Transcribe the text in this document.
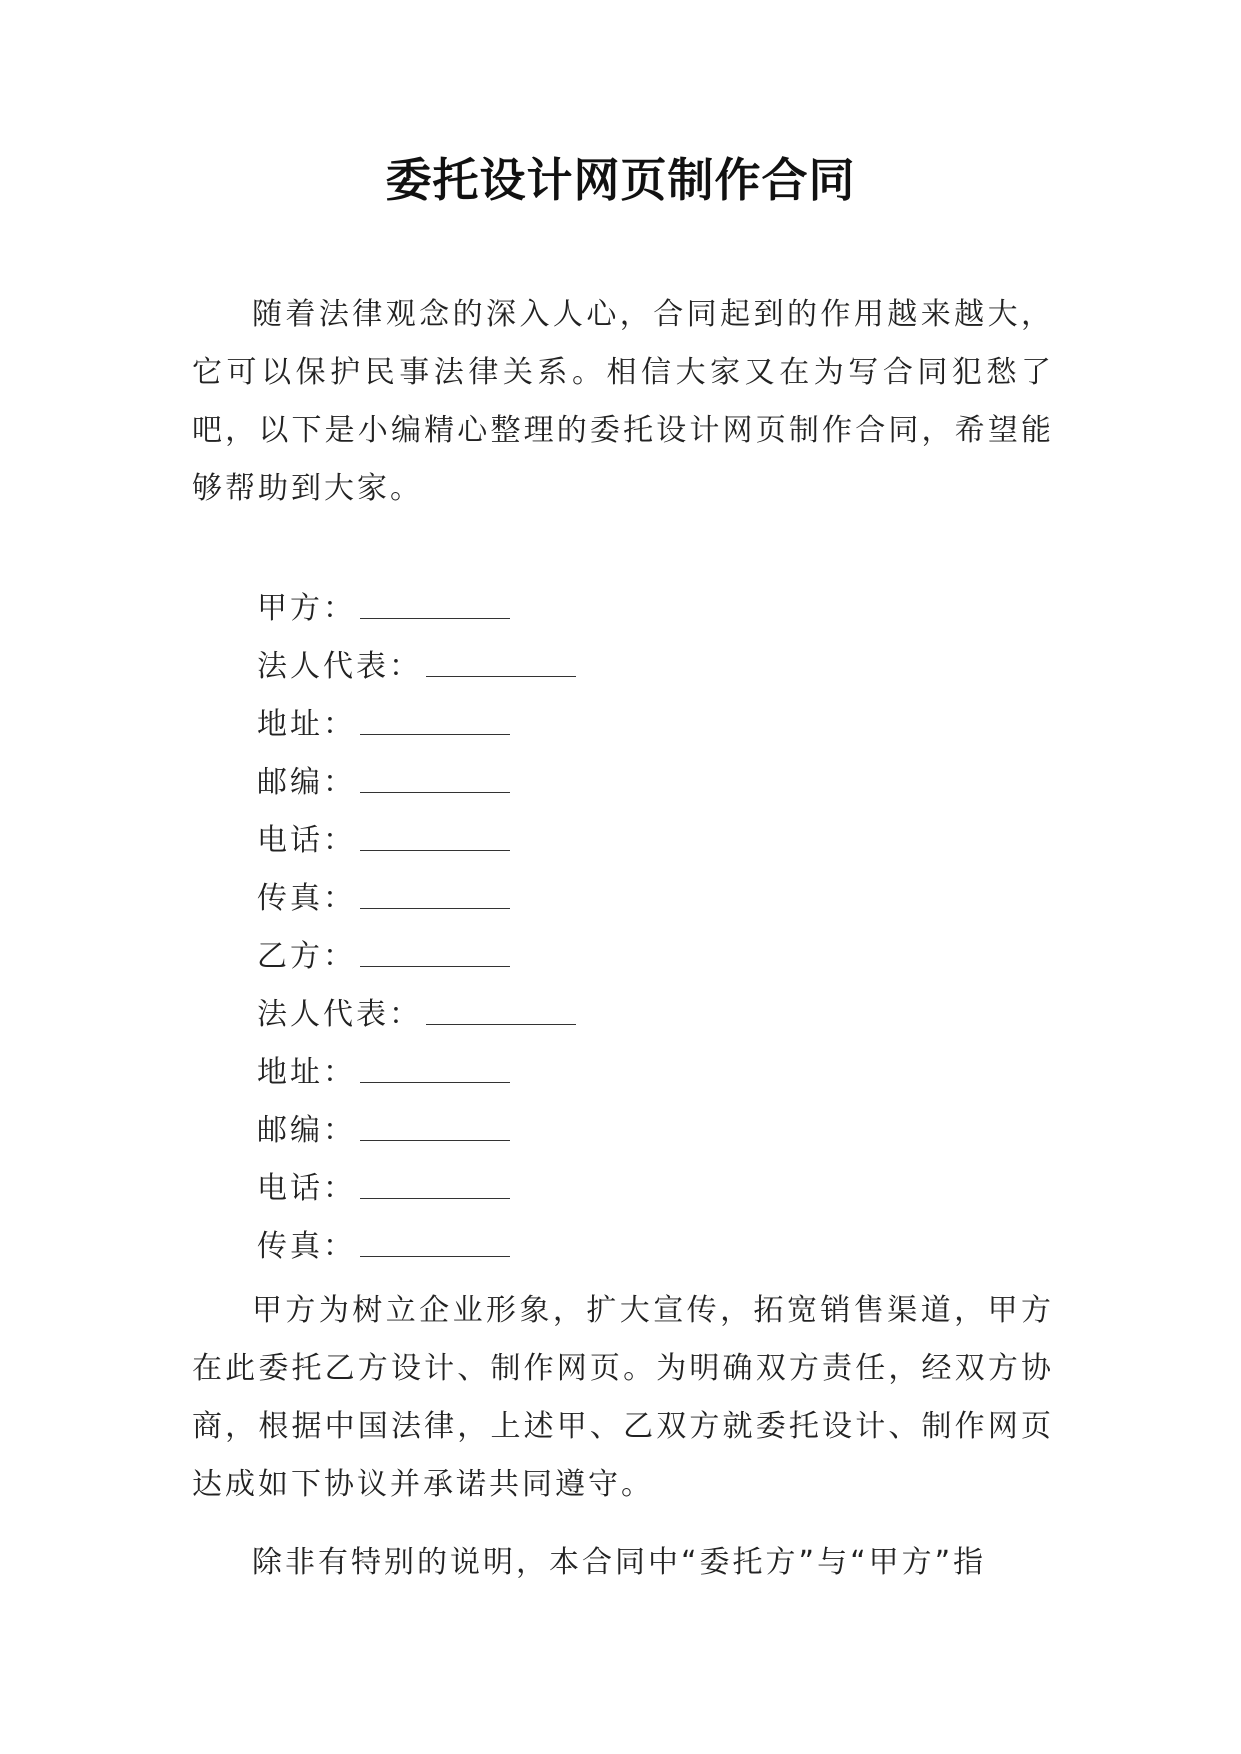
委托设计网页制作合同

随着法律观念的深入人心，合同起到的作用越来越大，它可以保护民事法律关系。相信大家又在为写合同犯愁了吧，以下是小编精心整理的委托设计网页制作合同，希望能够帮助到大家。

甲方：
法人代表：
地址：
邮编：
电话：
传真：
乙方：
法人代表：
地址：
邮编：
电话：
传真：

甲方为树立企业形象，扩大宣传，拓宽销售渠道，甲方在此委托乙方设计、制作网页。为明确双方责任，经双方协商，根据中国法律，上述甲、乙双方就委托设计、制作网页达成如下协议并承诺共同遵守。

除非有特别的说明，本合同中“委托方”与“甲方”指
